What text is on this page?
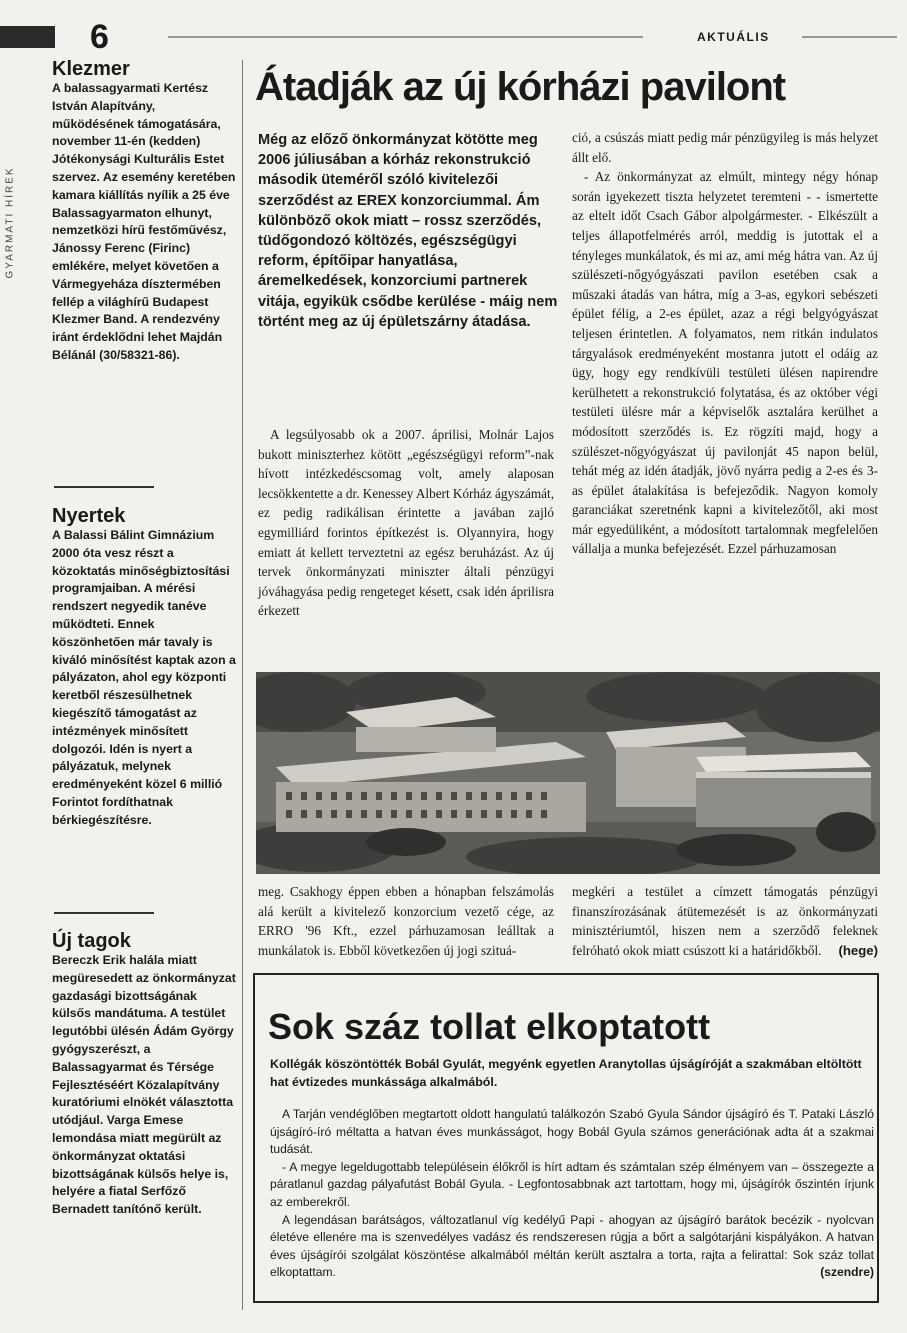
6	AKTUÁLIS
GYARMATI HÍREK
Klezmer

A balassagyarmati Kertész István Alapítvány, működésének támogatására, november 11-én (kedden) Jótékonysági Kulturális Estet szervez. Az esemény keretében kamara kiállítás nyílik a 25 éve Balassagyarmaton elhunyt, nemzetközi hírű festőművész, Jánossy Ferenc (Firinc) emlékére, melyet követően a Vármegyeháza dísztermében fellép a világhírű Budapest Klezmer Band. A rendezvény iránt érdeklődni lehet Majdán Bélánál (30/58321-86).

Nyertek

A Balassi Bálint Gimnázium 2000 óta vesz részt a közoktatás minőségbiztosítási programjaiban. A mérési rendszert negyedik tanéve működteti. Ennek köszönhetően már tavaly is kiváló minősítést kaptak azon a pályázaton, ahol egy központi keretből részesülhetnek kiegészítő támogatást az intézmények minősített dolgozói. Idén is nyert a pályázatuk, melynek eredményeként közel 6 millió Forintot fordíthatnak bérkiegészítésre.

Új tagok

Bereczk Erik halála miatt megüresedett az önkormányzat gazdasági bizottságának külsős mandátuma. A testület legutóbbi ülésén Ádám György gyógyszerészt, a Balassagyarmat és Térsége Fejlesztéséért Közalapítvány kuratóriumi elnökét választotta utódjául. Varga Emese lemondása miatt megürült az önkormányzat oktatási bizottságának külsős helye is, helyére a fiatal Serfőző Bernadett tanítónő került.

Átadják az új kórházi pavilont
Még az előző önkormányzat kötötte meg 2006 júliusában a kórház rekonstrukció második üteméről szóló kivitelezői szerződést az EREX konzorciummal. Ám különböző okok miatt – rossz szerződés, tüdőgondozó költözés, egészségügyi reform, építőipar hanyatlása, áremelkedések, konzorciumi partnerek vitája, egyikük csődbe kerülése - máig nem történt meg az új épületszárny átadása.

A legsúlyosabb ok a 2007. áprilisi, Molnár Lajos bukott miniszterhez kötött „egészségügyi reform”-nak hívott intézkedéscsomag volt, amely alaposan lecsökkentette a dr. Kenessey Albert Kórház ágyszámát, ez pedig radikálisan érintette a javában zajló egymilliárd forintos építkezést is. Olyannyira, hogy emiatt át kellett terveztetni az egész beruházást. Az új tervek önkormányzati miniszter általi pénzügyi jóváhagyása pedig rengeteget késett, csak idén áprilisra érkezett

ció, a csúszás miatt pedig már pénzügyileg is más helyzet állt elő.

- Az önkormányzat az elmúlt, mintegy négy hónap során igyekezett tiszta helyzetet teremteni - - ismertette az eltelt időt Csach Gábor alpolgármester. - Elkészült a teljes állapotfelmérés arról, meddig is jutottak el a tényleges munkálatok, és mi az, ami még hátra van. Az új szülészeti-nőgyógyászati pavilon esetében csak a műszaki átadás van hátra, míg a 3-as, egykori sebészeti épület félig, a 2-es épület, azaz a régi belgyógyászat teljesen érintetlen. A folyamatos, nem ritkán indulatos tárgyalások eredményeként mostanra jutott el odáig az ügy, hogy egy rendkívüli testületi ülésen napirendre kerülhetett a rekonstrukció folytatása, és az október végi testületi ülésre már a képviselők asztalára kerülhet a módosított szerződés is. Ez rögzíti majd, hogy a szülészet-nőgyógyászat új pavilonját 45 napon belül, tehát még az idén átadják, jövő nyárra pedig a 2-es és 3-as épület átalakítása is befejeződik. Nagyon komoly garanciákat szeretnénk kapni a kivitelezőtől, aki most már egyedüliként, a módosított tartalomnak megfelelően vállalja a munka befejezését. Ezzel párhuzamosan

meg. Csakhogy éppen ebben a hónapban felszámolás alá került a kivitelező konzorcium vezető cége, az ERRO '96 Kft., ezzel párhuzamosan leálltak a munkálatok is. Ebből következően új jogi szituá-

megkéri a testület a címzett támogatás pénzügyi finanszírozásának átütemezését is az önkormányzati minisztériumtól, hiszen nem a szerződő feleknek felróható okok miatt csúszott ki a határidőkből. (hege)

Sok száz tollat elkoptatott
Kollégák köszöntötték Bobál Gyulát, megyénk egyetlen Aranytollas újságíróját a szakmában eltöltött hat évtizedes munkássága alkalmából.

A Tarján vendéglőben megtartott oldott hangulatú találkozón Szabó Gyula Sándor újságíró és T. Pataki László újságíró-író méltatta a hatvan éves munkásságot, hogy Bobál Gyula számos generációnak adta át a szakmai tudását.

- A megye legeldugottabb településein élőkről is hírt adtam és számtalan szép élményem van – összegezte a páratlanul gazdag pályafutást Bobál Gyula. - Legfontosabbnak azt tartottam, hogy mi, újságírók őszintén írjunk az emberekről.

A legendásan barátságos, változatlanul víg kedélyű Papi - ahogyan az újságíró barátok becézik - nyolcvan életéve ellenére ma is szenvedélyes vadász és rendszeresen rúgja a bőrt a salgótarjáni kispályákon. A hatvan éves újságírói szolgálat köszöntése alkalmából méltán került asztalra a torta, rajta a felirattal: Sok száz tollat elkoptattam.	(szendre)
